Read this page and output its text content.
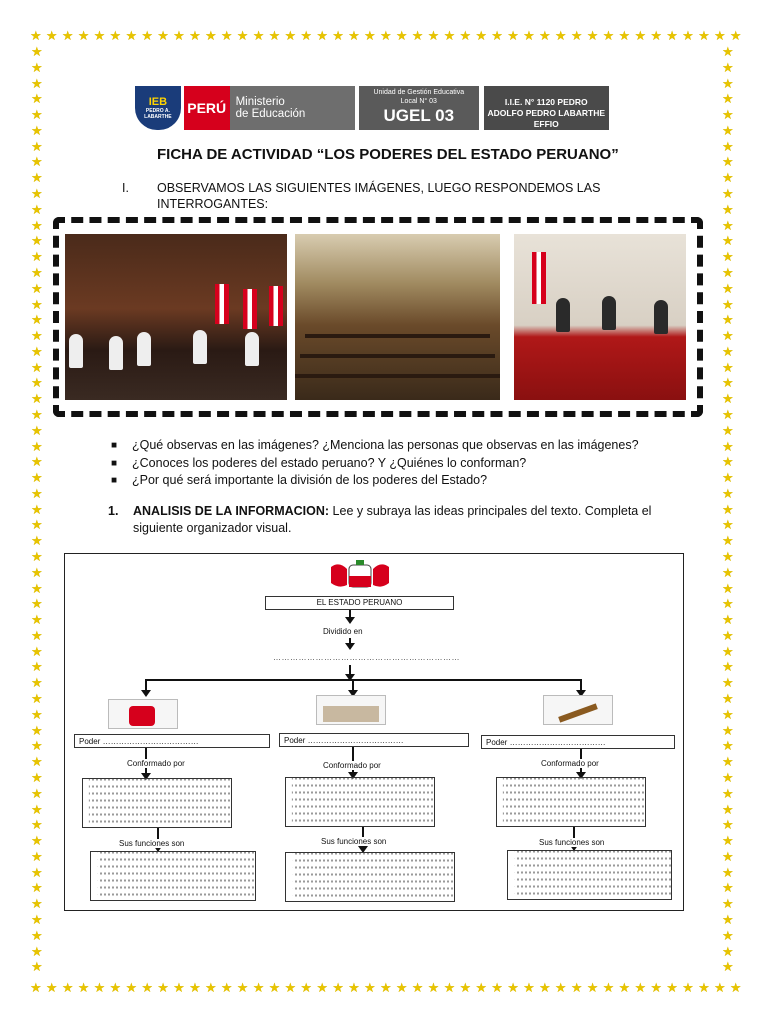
★ ★ ★ ★ ★ ★ ★ ★ ★ ★ ★ ★ ★ ★ ★ ★ ★ ★ ★ ★ ★ ★ ★ ★ ★ ★ ★ ★ ★ ★ ★ ★ ★ ★ ★ ★ ★ ★ ★ ★ ★ ★ ★ ★ ★
★ ★ ★ ★ ★ ★ ★ ★ ★ ★ ★ ★ ★ ★ ★ ★ ★ ★ ★ ★ ★ ★ ★ ★ ★ ★ ★ ★ ★ ★ ★ ★ ★ ★ ★ ★ ★ ★ ★ ★ ★ ★ ★ ★ ★
★
★
★
★
★
★
★
★
★
★
★
★
★
★
★
★
★
★
★
★
★
★
★
★
★
★
★
★
★
★
★
★
★
★
★
★
★
★
★
★
★
★
★
★
★
★
★
★
★
★
★
★
★
★
★
★
★
★
★
★
★
★
★
★
★
★
★
★
★
★
★
★
★
★
★
★
★
★
★
★
★
★
★
★
★
★
★
★
★
★
★
★
★
★
★
★
★
★
★
★
★
★
★
★
★
★
★
★
★
★
★
★
★
★
★
★
★
★
IEB
PEDRO A. LABARTHE
PERÚ Ministerio
de Educación
Unidad de Gestión Educativa
Local N° 03
UGEL 03
I.I.E. N° 1120 PEDRO
ADOLFO PEDRO LABARTHE EFFIO
FICHA DE ACTIVIDAD “LOS PODERES DEL ESTADO PERUANO”
I. OBSERVAMOS LAS SIGUIENTES IMÁGENES, LUEGO RESPONDEMOS LAS INTERROGANTES:
■	¿Qué observas en las imágenes? ¿Menciona las personas que observas en las imágenes?
■	¿Conoces los poderes del estado peruano? Y ¿Quiénes lo conforman?
■	¿Por qué será importante la división de los poderes del Estado?
1. ANALISIS DE LA INFORMACION: Lee y subraya las ideas principales del texto. Completa el siguiente organizador visual.
EL ESTADO PERUANO
Dividido en
…………………………………………………………
Poder ………………………………	Poder ………………………………	Poder ………………………………
Conformado por	Conformado por	Conformado por
Sus funciones son	Sus funciones son	Sus funciones son
